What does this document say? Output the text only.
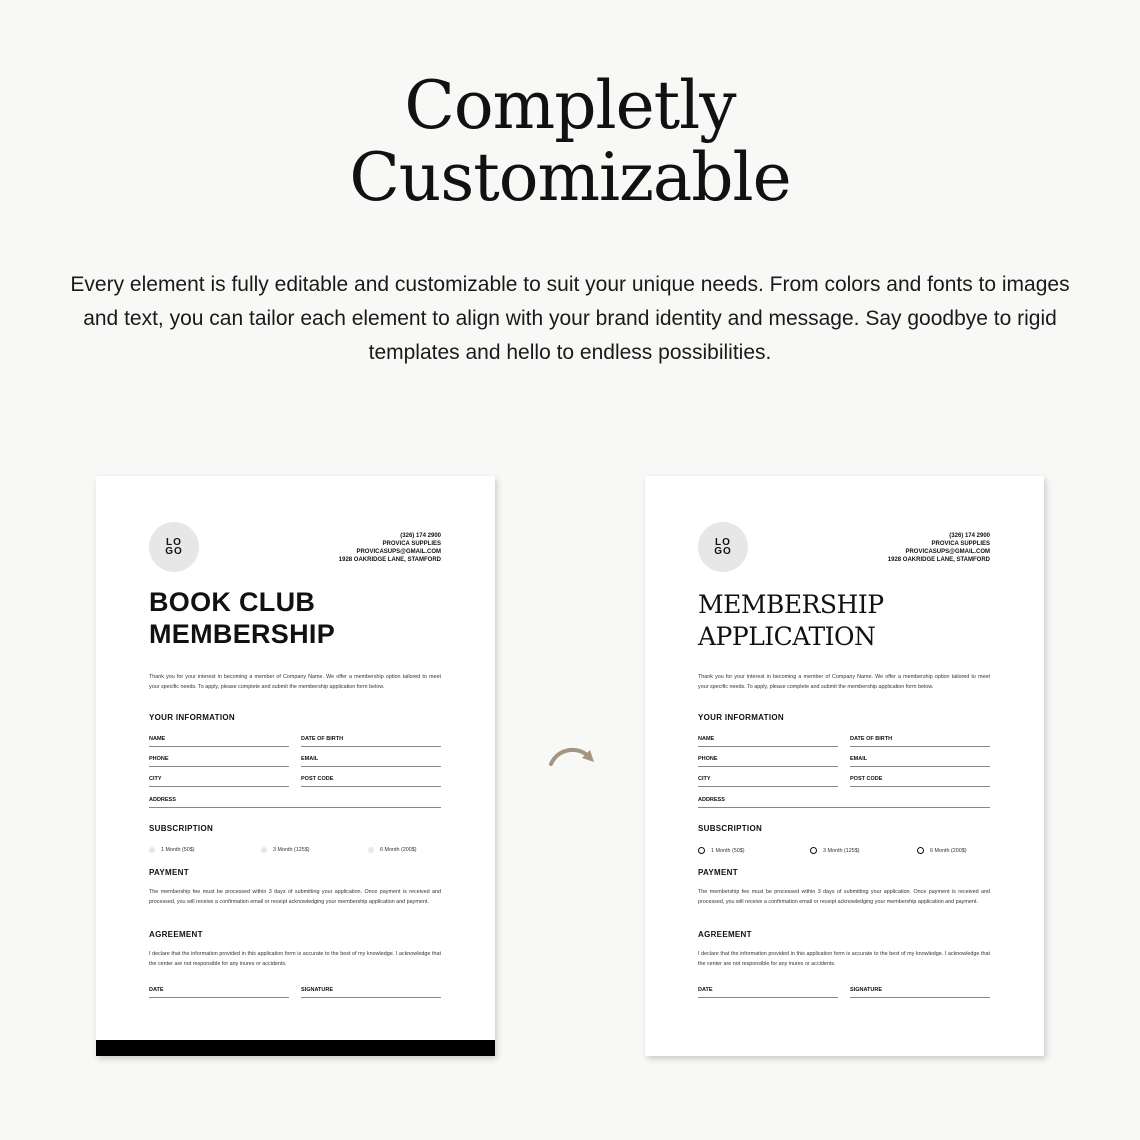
Completly
Customizable

Every element is fully editable and customizable to suit your unique needs. From colors and fonts to images and text, you can tailor each element to align with your brand identity and message. Say goodbye to rigid templates and hello to endless possibilities.

LO
GO
(326) 174 2900
PROVICA SUPPLIES
PROVICASUPS@GMAIL.COM
1928 OAKRIDGE LANE, STAMFORD
BOOK CLUB
MEMBERSHIP

Thank you for your interest in becoming a member of Company Name. We offer a membership option tailored to meet your specific needs. To apply, please complete and submit the membership application form below.

YOUR INFORMATION
NAME	DATE OF BIRTH
PHONE	EMAIL
CITY	POST CODE
ADDRESS
SUBSCRIPTION
1 Month (50$)	3 Month (125$)	6 Month (200$)
PAYMENT

The membership fee must be processed within 3 days of submitting your application. Once payment is received and processed, you will receive a confirmation email or receipt acknowledging your membership application and payment.

AGREEMENT

I declare that the information provided in this application form is accurate to the best of my knowledge. I acknowledge that the center are not responsible for any inures or accidents.

DATE	SIGNATURE
LO
GO
(326) 174 2900
PROVICA SUPPLIES
PROVICASUPS@GMAIL.COM
1928 OAKRIDGE LANE, STAMFORD
MEMBERSHIP
APPLICATION

Thank you for your interest in becoming a member of Company Name. We offer a membership option tailored to meet your specific needs. To apply, please complete and submit the membership application form below.

YOUR INFORMATION
NAME	DATE OF BIRTH
PHONE	EMAIL
CITY	POST CODE
ADDRESS
SUBSCRIPTION
1 Month (50$)	3 Month (125$)	6 Month (200$)
PAYMENT

The membership fee must be processed within 3 days of submitting your application. Once payment is received and processed, you will receive a confirmation email or receipt acknowledging your membership application and payment.

AGREEMENT

I declare that the information provided in this application form is accurate to the best of my knowledge. I acknowledge that the center are not responsible for any inures or accidents.

DATE	SIGNATURE
